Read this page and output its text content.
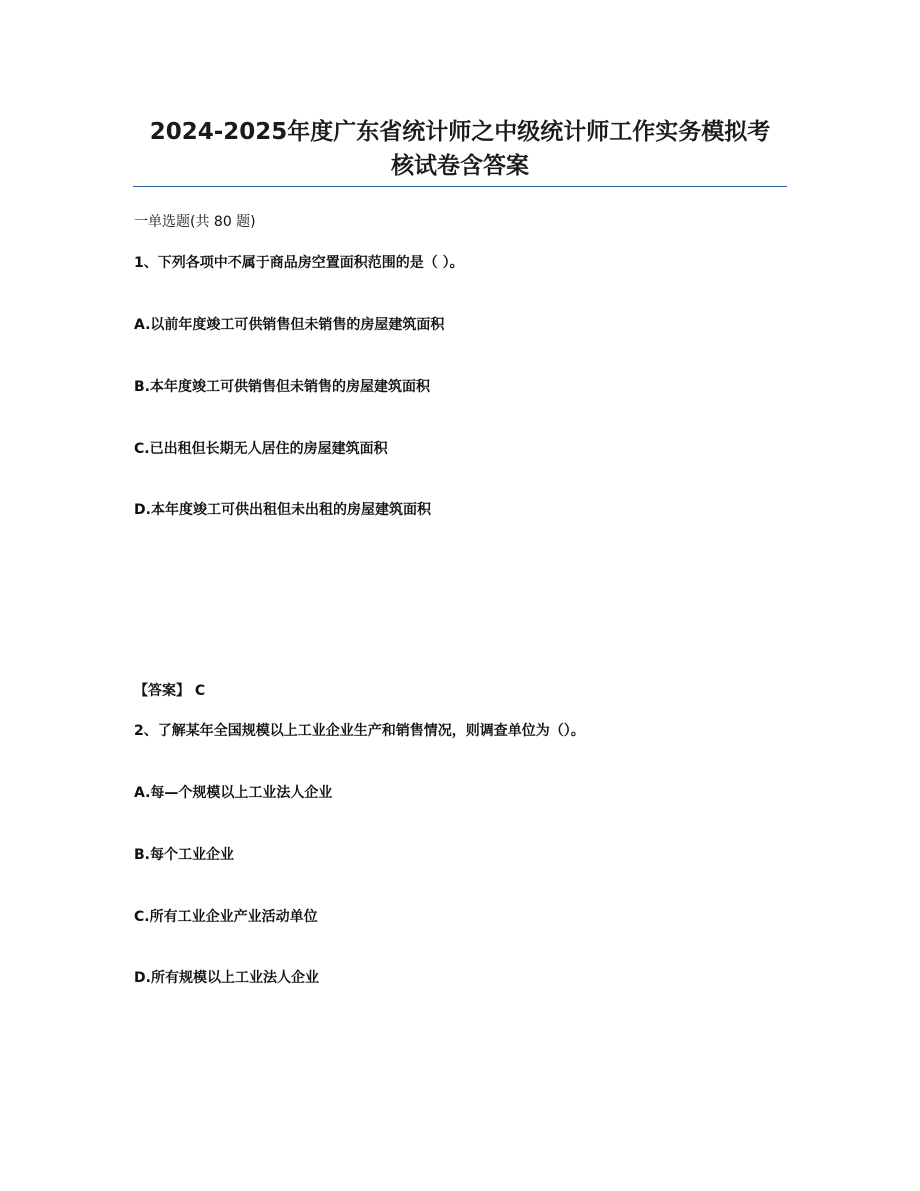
2024-2025年度广东省统计师之中级统计师工作实务模拟考
核试卷含答案
一单选题(共 80 题)
1、下列各项中不属于商品房空置面积范围的是（ ）。
A.以前年度竣工可供销售但未销售的房屋建筑面积
B.本年度竣工可供销售但未销售的房屋建筑面积
C.已出租但长期无人居住的房屋建筑面积
D.本年度竣工可供出租但未出租的房屋建筑面积
【答案】 C
2、了解某年全国规模以上工业企业生产和销售情况，则调查单位为（）。
A.每—个规模以上工业法人企业
B.每个工业企业
C.所有工业企业产业活动单位
D.所有规模以上工业法人企业
